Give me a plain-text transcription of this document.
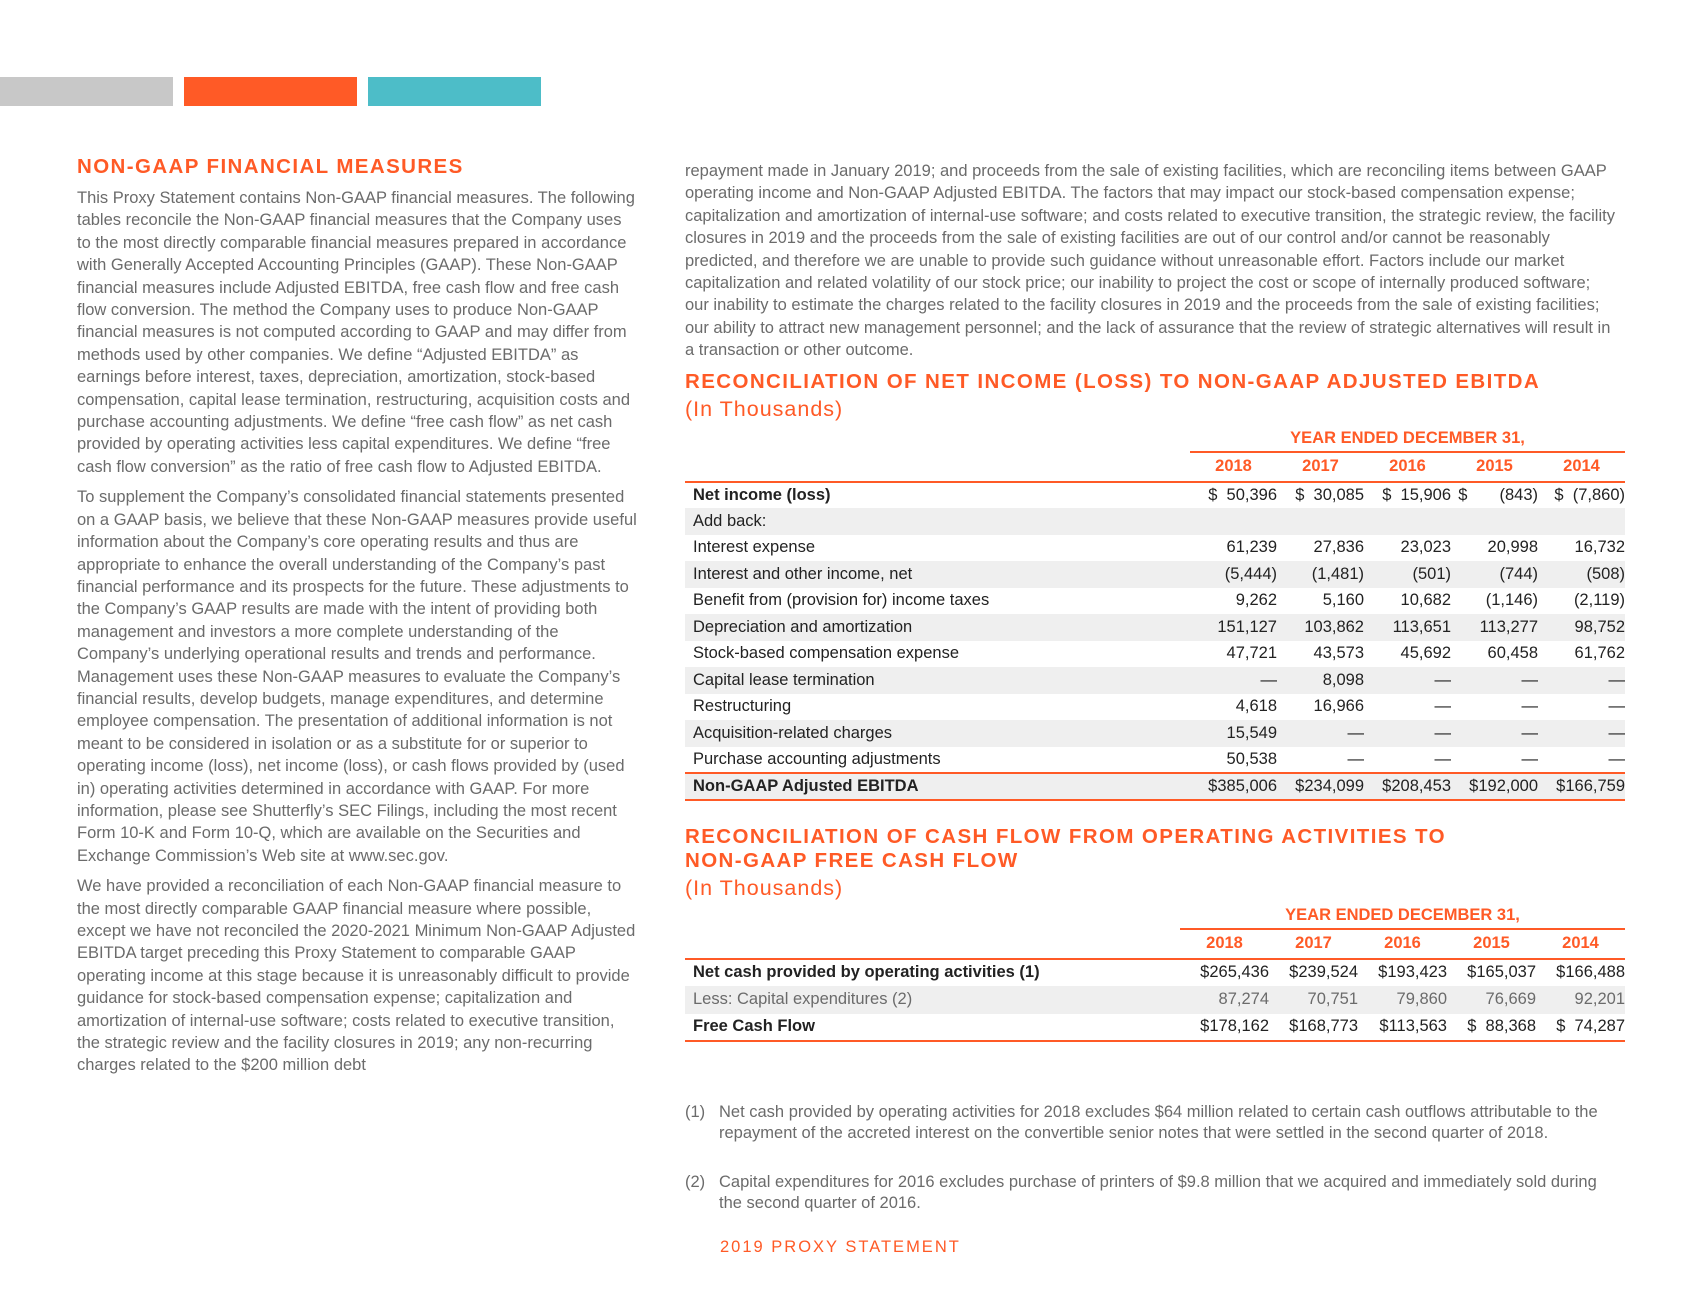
NON-GAAP FINANCIAL MEASURES

This Proxy Statement contains Non-GAAP financial measures. The following tables reconcile the Non-GAAP financial measures that the Company uses to the most directly comparable financial measures prepared in accordance with Generally Accepted Accounting Principles (GAAP). These Non-GAAP financial measures include Adjusted EBITDA, free cash flow and free cash flow conversion. The method the Company uses to produce Non-GAAP financial measures is not computed according to GAAP and may differ from methods used by other companies. We define “Adjusted EBITDA” as earnings before interest, taxes, depreciation, amortization, stock-based compensation, capital lease termination, restructuring, acquisition costs and purchase accounting adjustments. We define “free cash flow” as net cash provided by operating activities less capital expenditures. We define “free cash flow conversion” as the ratio of free cash flow to Adjusted EBITDA.

To supplement the Company’s consolidated financial statements presented on a GAAP basis, we believe that these Non-GAAP measures provide useful information about the Company’s core operating results and thus are appropriate to enhance the overall understanding of the Company’s past financial performance and its prospects for the future. These adjustments to the Company’s GAAP results are made with the intent of providing both management and investors a more complete understanding of the Company’s underlying operational results and trends and performance. Management uses these Non-GAAP measures to evaluate the Company’s financial results, develop budgets, manage expenditures, and determine employee compensation. The presentation of additional information is not meant to be considered in isolation or as a substitute for or superior to operating income (loss), net income (loss), or cash flows provided by (used in) operating activities determined in accordance with GAAP. For more information, please see Shutterfly’s SEC Filings, including the most recent Form 10-K and Form 10-Q, which are available on the Securities and Exchange Commission’s Web site at www.sec.gov.

We have provided a reconciliation of each Non-GAAP financial measure to the most directly comparable GAAP financial measure where possible, except we have not reconciled the 2020-2021 Minimum Non-GAAP Adjusted EBITDA target preceding this Proxy Statement to comparable GAAP operating income at this stage because it is unreasonably difficult to provide guidance for stock-based compensation expense; capitalization and amortization of internal-use software; costs related to executive transition, the strategic review and the facility closures in 2019; any non-recurring charges related to the $200 million debt

repayment made in January 2019; and proceeds from the sale of existing facilities, which are reconciling items between GAAP operating income and Non-GAAP Adjusted EBITDA. The factors that may impact our stock-based compensation expense; capitalization and amortization of internal-use software; and costs related to executive transition, the strategic review, the facility closures in 2019 and the proceeds from the sale of existing facilities are out of our control and/or cannot be reasonably predicted, and therefore we are unable to provide such guidance without unreasonable effort. Factors include our market capitalization and related volatility of our stock price; our inability to project the cost or scope of internally produced software; our inability to estimate the charges related to the facility closures in 2019 and the proceeds from the sale of existing facilities; our ability to attract new management personnel; and the lack of assurance that the review of strategic alternatives will result in a transaction or other outcome.

RECONCILIATION OF NET INCOME (LOSS) TO NON-GAAP ADJUSTED EBITDA

(In Thousands)

	YEAR ENDED DECEMBER 31,				
	2018	2017	2016	2015	2014
Net income (loss)	$  50,396	$  30,085	$  15,906	$       (843)	$  (7,860)
Add back:					
Interest expense	61,239	27,836	23,023	20,998	16,732
Interest and other income, net	(5,444)	(1,481)	(501)	(744)	(508)
Benefit from (provision for) income taxes	9,262	5,160	10,682	(1,146)	(2,119)
Depreciation and amortization	151,127	103,862	113,651	113,277	98,752
Stock-based compensation expense	47,721	43,573	45,692	60,458	61,762
Capital lease termination	—	8,098	—	—	—
Restructuring	4,618	16,966	—	—	—
Acquisition-related charges	15,549	—	—	—	—
Purchase accounting adjustments	50,538	—	—	—	—
Non-GAAP Adjusted EBITDA	$385,006	$234,099	$208,453	$192,000	$166,759
RECONCILIATION OF CASH FLOW FROM OPERATING ACTIVITIES TO
NON-GAAP FREE CASH FLOW

(In Thousands)

	YEAR ENDED DECEMBER 31,				
	2018	2017	2016	2015	2014
Net cash provided by operating activities (1)	$265,436	$239,524	$193,423	$165,037	$166,488
Less: Capital expenditures (2)	87,274	70,751	79,860	76,669	92,201
Free Cash Flow	$178,162	$168,773	$113,563	$  88,368	$  74,287
(1) Net cash provided by operating activities for 2018 excludes $64 million related to certain cash outflows attributable to the repayment of the accreted interest on the convertible senior notes that were settled in the second quarter of 2018.
(2) Capital expenditures for 2016 excludes purchase of printers of $9.8 million that we acquired and immediately sold during the second quarter of 2016.
2019 PROXY STATEMENT
